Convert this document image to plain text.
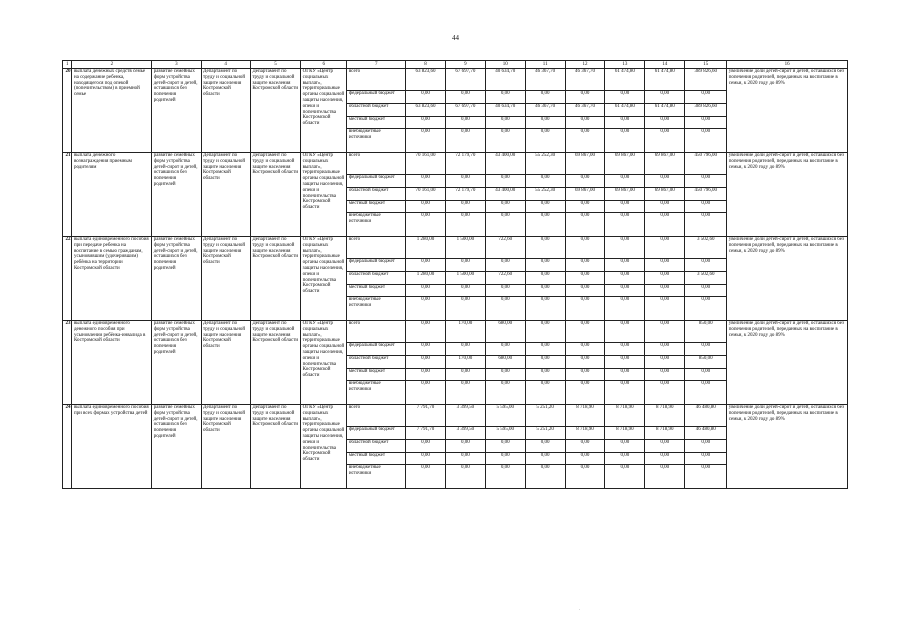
44
1	2	3	4	5	6	7	8	9	10	11	12	13	14	15	16
20	выплата денежных средств семье на содержание ребенка, находящегося под опекой (попечительством) в приемной семье	развитие семейных форм устройства детей-сирот и детей, оставшихся без попечения родителей	Департамент по труду и социальной защите населения Костромской области	Департамент по труду и социальной защите населения Костромской области	ОГКУ «Центр социальных выплат», территориальные органы социальной защиты населения, опеки и попечительства Костромской области	всего	63 823,60	67 697,70	40 634,70	46 367,70	46 367,70	61 474,80	61 474,80	389 826,60	увеличение доли детей-сирот и детей, оставшихся без попечения родителей, переданных на воспитание в семьи, к 2020 году до 89%
						федеральный бюджет	0,00	0,00	0,00	0,00	0,00	0,00	0,00	0,00	
						областной бюджет	63 823,60	67 697,70	40 634,70	46 367,70	46 367,70	61 474,80	61 474,80	389 826,60	
						местный бюджет	0,00	0,00	0,00	0,00	0,00	0,00	0,00	0,00	
						внебюджетные источники	0,00	0,00	0,00	0,00	0,00	0,00	0,00	0,00	
21	выплата денежного вознаграждения приемным родителям	развитие семейных форм устройства детей-сирот и детей, оставшихся без попечения родителей	Департамент по труду и социальной защите населения Костромской области	Департамент по труду и социальной защите населения Костромской области	ОГКУ «Центр социальных выплат», территориальные органы социальной защиты населения, опеки и попечительства Костромской области	всего	70 161,00	72 179,70	43 400,00	55 252,30	69 867,00	69 867,00	69 867,00	450 796,00	увеличение доли детей-сирот и детей, оставшихся без попечения родителей, переданных на воспитание в семьи, к 2020 году до 89%
						федеральный бюджет	0,00	0,00	0,00	0,00	0,00	0,00	0,00	0,00	
						областной бюджет	70 161,00	72 179,70	43 400,00	55 252,30	69 867,00	69 867,00	69 867,00	450 796,00	
						местный бюджет	0,00	0,00	0,00	0,00	0,00	0,00	0,00	0,00	
						внебюджетные источники	0,00	0,00	0,00	0,00	0,00	0,00	0,00	0,00	
22	выплата единовременного пособия при передаче ребенка на воспитание в семью гражданам, усыновившим (удочерившим) ребёнка на территории Костромской области	развитие семейных форм устройства детей-сирот и детей, оставшихся без попечения родителей	Департамент по труду и социальной защите населения Костромской области	Департамент по труду и социальной защите населения Костромской области	ОГКУ «Центр социальных выплат», территориальные органы социальной защиты населения, опеки и попечительства Костромской области	всего	1 280,00	1 500,00	722,60	0,00	0,00	0,00	0,00	3 502,60	увеличение доли детей-сирот и детей, оставшихся без попечения родителей, переданных на воспитание в семьи, к 2020 году до 89%
						федеральный бюджет	0,00	0,00	0,00	0,00	0,00	0,00	0,00	0,00	
						областной бюджет	1 280,00	1 500,00	722,60	0,00	0,00	0,00	0,00	3 502,60	
						местный бюджет	0,00	0,00	0,00	0,00	0,00	0,00	0,00	0,00	
						внебюджетные источники	0,00	0,00	0,00	0,00	0,00	0,00	0,00	0,00	
23	выплата единовременного денежного пособия при усыновлении ребёнка-инвалида в Костромской области	развитие семейных форм устройства детей-сирот и детей, оставшихся без попечения родителей	Департамент по труду и социальной защите населения Костромской области	Департамент по труду и социальной защите населения Костромской области	ОГКУ «Центр социальных выплат», территориальные органы социальной защиты населения, опеки и попечительства Костромской области	всего	0,00	170,00	680,00	0,00	0,00	0,00	0,00	850,00	увеличение доли детей-сирот и детей, оставшихся без попечения родителей, переданных на воспитание в семьи, к 2020 году до 89%
						федеральный бюджет	0,00	0,00	0,00	0,00	0,00	0,00	0,00	0,00	
						областной бюджет	0,00	170,00	680,00	0,00	0,00	0,00	0,00	850,00	
						местный бюджет	0,00	0,00	0,00	0,00	0,00	0,00	0,00	0,00	
						внебюджетные источники	0,00	0,00	0,00	0,00	0,00	0,00	0,00	0,00	
24	выплата единовременного пособия при всех формах устройства детей	развитие семейных форм устройства детей-сирот и детей, оставшихся без попечения родителей	Департамент по труду и социальной защите населения Костромской области	Департамент по труду и социальной защите населения Костромской области	ОГКУ «Центр социальных выплат», территориальные органы социальной защиты населения, опеки и попечительства Костромской области	всего	7 791,70	3 399,50	5 595,00	5 251,20	8 718,90	8 718,90	8 718,90	46 480,80	увеличение доли детей-сирот и детей, оставшихся без попечения родителей, переданных на воспитание в семьи, к 2020 году до 89%
						федеральный бюджет	7 791,70	3 399,50	5 595,00	5 251,20	8 718,90	8 718,90	8 718,90	46 480,80	
						областной бюджет	0,00	0,00	0,00	0,00	0,00	0,00	0,00	0,00	
						местный бюджет	0,00	0,00	0,00	0,00	0,00	0,00	0,00	0,00	
						внебюджетные источники	0,00	0,00	0,00	0,00	0,00	0,00	0,00	0,00	
·
